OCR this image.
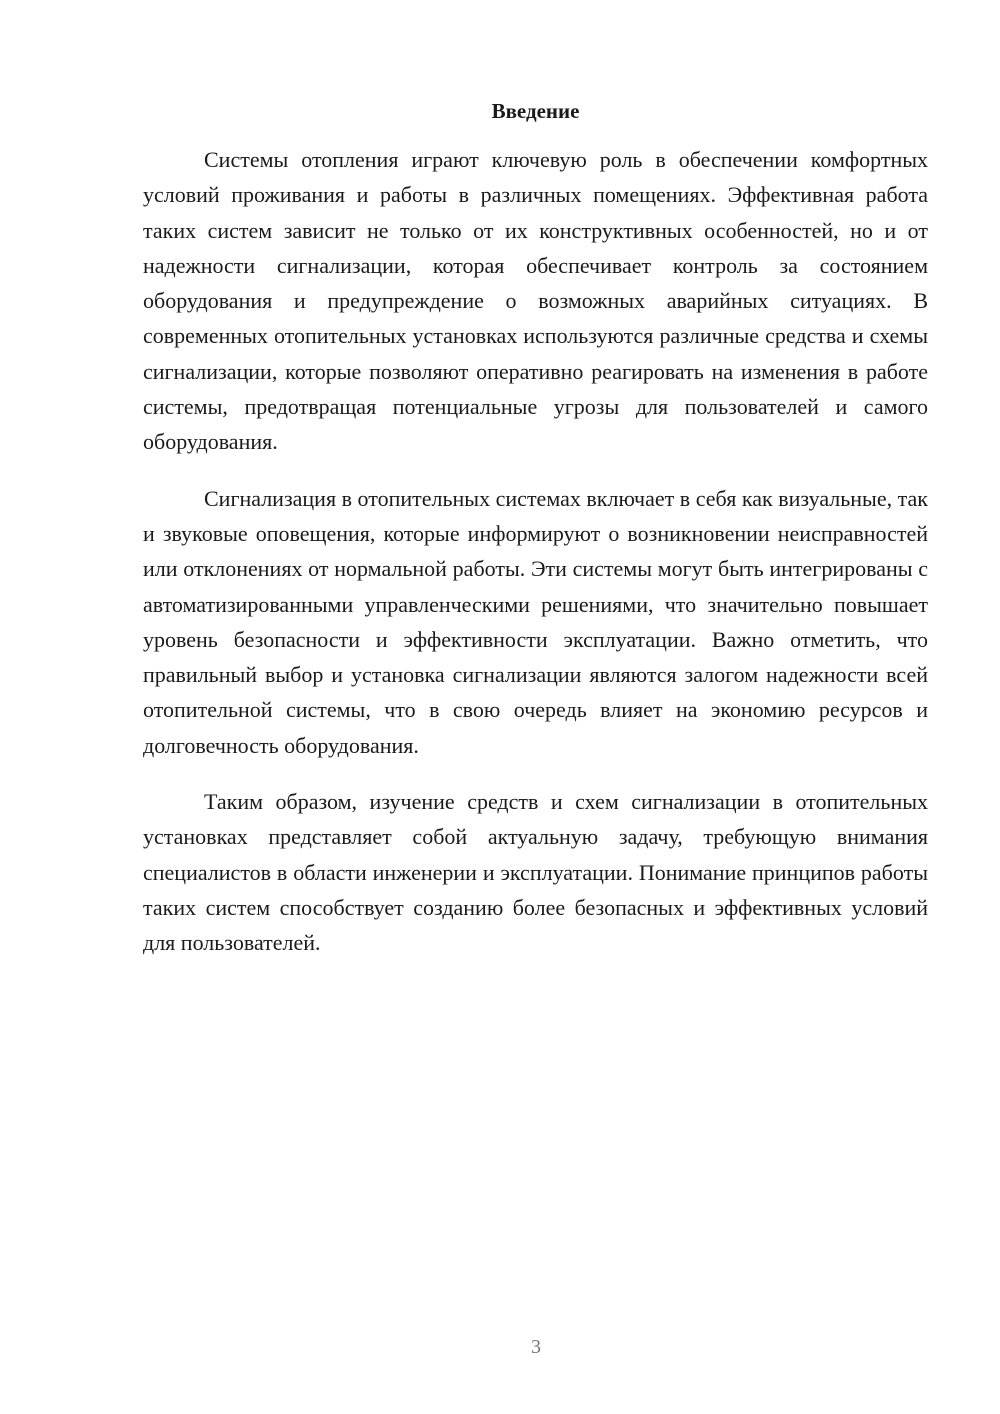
Введение

Системы отопления играют ключевую роль в обеспечении комфортных условий проживания и работы в различных помещениях. Эффективная работа таких систем зависит не только от их конструктивных особенностей, но и от надежности сигнализации, которая обеспечивает контроль за состоянием оборудования и предупреждение о возможных аварийных ситуациях. В современных отопительных установках используются различные средства и схемы сигнализации, которые позволяют оперативно реагировать на изменения в работе системы, предотвращая потенциальные угрозы для пользователей и самого оборудования.

Сигнализация в отопительных системах включает в себя как визуальные, так и звуковые оповещения, которые информируют о возникновении неисправностей или отклонениях от нормальной работы. Эти системы могут быть интегрированы с автоматизированными управленческими решениями, что значительно повышает уровень безопасности и эффективности эксплуатации. Важно отметить, что правильный выбор и установка сигнализации являются залогом надежности всей отопительной системы, что в свою очередь влияет на экономию ресурсов и долговечность оборудования.

Таким образом, изучение средств и схем сигнализации в отопительных установках представляет собой актуальную задачу, требующую внимания специалистов в области инженерии и эксплуатации. Понимание принципов работы таких систем способствует созданию более безопасных и эффективных условий для пользователей.

3
